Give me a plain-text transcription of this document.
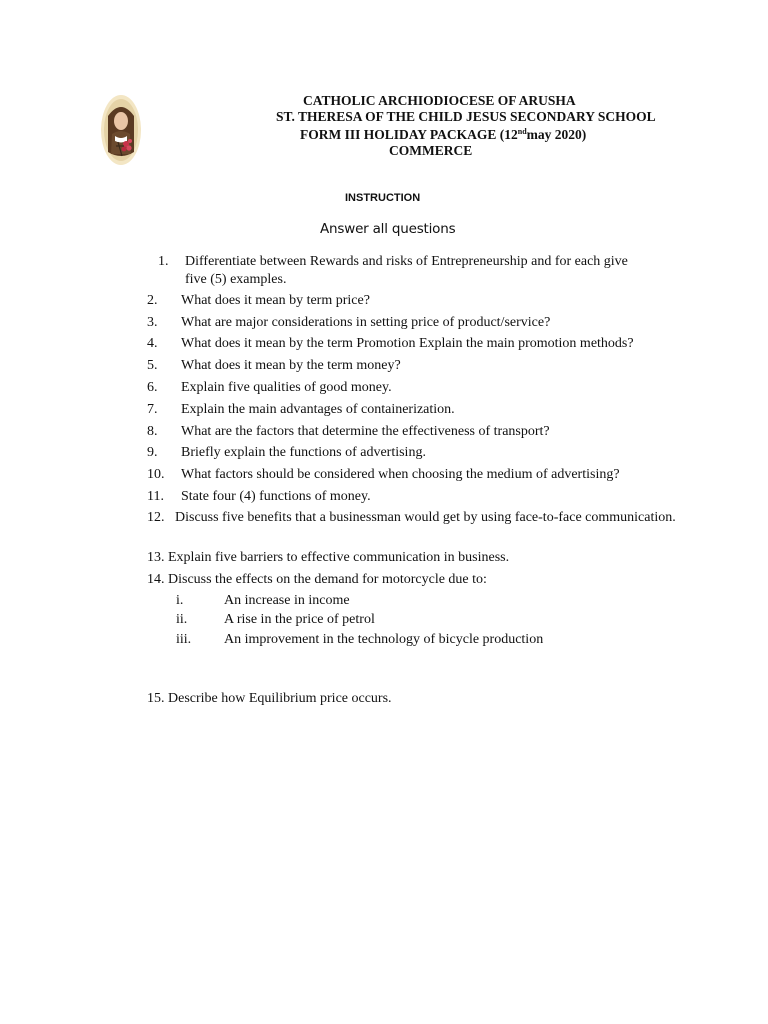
CATHOLIC ARCHIODIOCESE OF ARUSHA
ST. THERESA OF THE CHILD JESUS SECONDARY SCHOOL
FORM III HOLIDAY PACKAGE (12ndmay 2020)
COMMERCE
INSTRUCTION
Answer all questions
1. Differentiate between Rewards and risks of Entrepreneurship and for each give
five (5) examples.
2. What does it mean by term price?
3. What are major considerations in setting price of product/service?
4. What does it mean by the term Promotion Explain the main promotion methods?
5. What does it mean by the term money?
6. Explain five qualities of good money.
7. Explain the main advantages of containerization.
8. What are the factors that determine the effectiveness of transport?
9. Briefly explain the functions of advertising.
10. What factors should be considered when choosing the medium of advertising?
11. State four (4) functions of money.
12. Discuss five benefits that a businessman would get by using face-to-face communication.
13. Explain five barriers to effective communication in business.
14. Discuss the effects on the demand for motorcycle due to:
i.	An increase in income
ii.	A rise in the price of petrol
iii. An improvement in the technology of bicycle production
15. Describe how Equilibrium price occurs.
